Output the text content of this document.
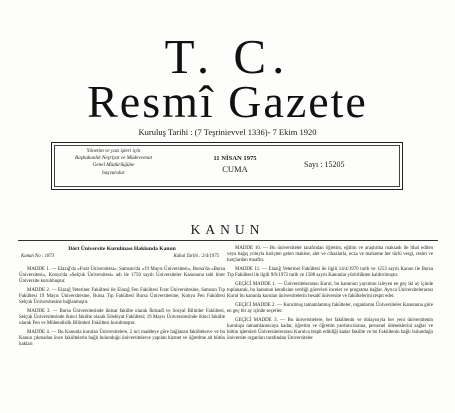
T. C.
Resmî Gazete
Kuruluş Tarihi : (7 Teşrinievvel 1336)- 7 Ekim 1920
Yönetim ve yazı işleri için
Başbakanlık Neşriyat ve Müdevvenat
Genel Müdürlüğüne
başvurulur
11 NİSAN 1975
CUMA	Sayı : 15205
KANUN
Dört Üniversite Kurulması Hakkında Kanun
Kanun No : 1873	Kabul Tarihi : 2/4/1975

MADDE 1. — Elazığ'da «Fırat Üniversitesi», Samsun'da «19 Mayıs Üniversitesi», Bursa'da «Bursa Üniversitesi», Konya'da «Selçuk Üniversitesi» adı ile 1750 sayılı Üniversiteler Kanununa tabi birer Üniversite kurulmuştur.

MADDE 2. — Elazığ Veteriner Fakültesi ile Elazığ Fen Fakültesi Fırat Üniversitesine, Samsun Tıp Fakültesi 19 Mayıs Üniversitesine, Bursa Tıp Fakültesi Bursa Üniversitesine, Konya Fen Fakültesi Selçuk Üniversitesine bağlanmıştır.

MADDE 3. — Bursa Üniversitesinde iktisat fakülte olarak İktisadî ve Sosyal Bilimler Fakültesi, Selçuk Üniversitesinde ikinci fakülte olarak Edebiyat Fakültesi; 19 Mayıs Üniversitesinde ikinci fakülte olarak Fen ve Mühendislik Bilimleri Fakültesi kurulmuştur.

MADDE 4. — Bu Kanunla kurulan Üniversitelere, 2 nci maddeye göre bağlanan fakültelerce ve bu Kanun çıkmadan önce fakültelerin bağlı bulunduğu üniversitelerce yapılan hizmet ve öğretime ait bütün hakları

MADDE 10. — Bu üniversiteler tarafından öğretim, eğitim ve araştırma maksadı ile ithal edilen veya bağış yoluyla hariçten gelen makine, alet ve cihazlarla, ecza ve malzeme her türlü vergi, resim ve harçlardan muaftır.

MADDE 11. — Elazığ Veteriner Fakültesi ile ilgili 14/4/1970 tarih ve 1253 sayılı Kanun ile Bursa Tıp Fakültesi ile ilgili 9/6/1972 tarih ve 1588 sayılı Kanunlar yürürlükten kaldırılmıştır.

GEÇİCİ MADDE 1. — Üniversitelerarası Kurul, bu kanunun yayımını izleyen en geç iki ay içinde toplanarak, bu kanunun kendisine verdiği görevleri inceler ve programa bağlar. Ayrıca Üniversitelerarası Kurul bu kanunla kurulan üniversitelerin hesabî üniversite ve fakültelerini tespit eder.

GEÇİCİ MADDE 2. — Kurulmuş tamamlanmış fakülteler, organlarını Üniversiteler Kanununa göre en geç bir ay içinde seçerler.

GEÇİCİ MADDE 3. — Bu üniversitelere, her fakültenin ve dolayısıyla her yeni üniversitenin kuruluşu tamamlanıncaya kadar, öğretim ve öğretim yardımcılarına, personel ödeneklerini sağlar ve bütün işlemleri Üniversitelerarası Kurulca tespit edildiği kadar fakülte ve bu Fakültenin bağlı bulunduğu üniversite organları tarafından Üniversiteler
